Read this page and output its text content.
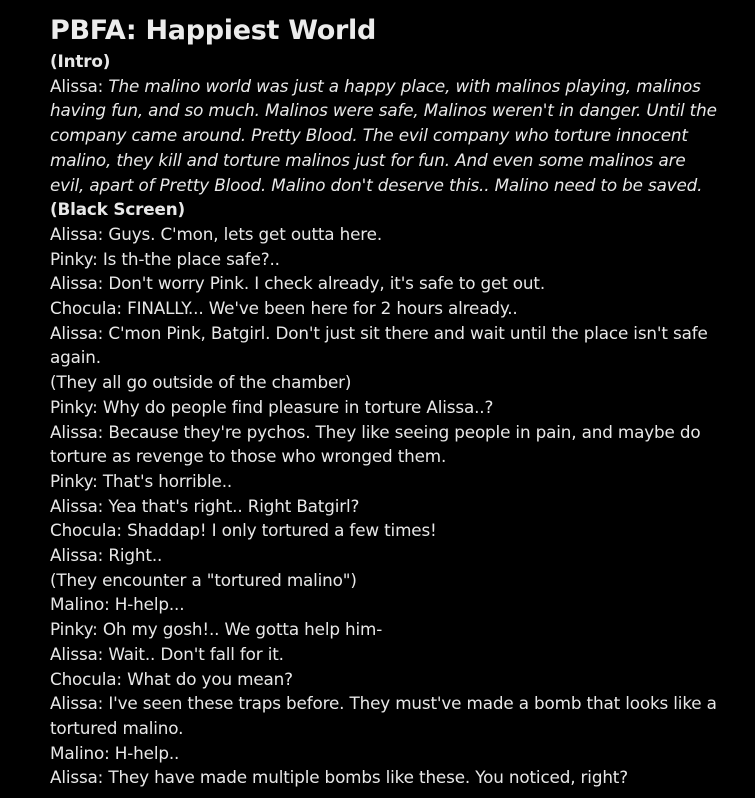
PBFA: Happiest World

(Intro)

Alissa: The malino world was just a happy place, with malinos playing, malinos having fun, and so much. Malinos were safe, Malinos weren't in danger. Until the company came around. Pretty Blood. The evil company who torture innocent malino, they kill and torture malinos just for fun. And even some malinos are evil, apart of Pretty Blood. Malino don't deserve this.. Malino need to be saved.

(Black Screen)

Alissa: Guys. C'mon, lets get outta here.

Pinky: Is th-the place safe?..

Alissa: Don't worry Pink. I check already, it's safe to get out.

Chocula: FINALLY... We've been here for 2 hours already..

Alissa: C'mon Pink, Batgirl. Don't just sit there and wait until the place isn't safe again.

(They all go outside of the chamber)

Pinky: Why do people find pleasure in torture Alissa..?

Alissa: Because they're pychos. They like seeing people in pain, and maybe do torture as revenge to those who wronged them.

Pinky: That's horrible..

Alissa: Yea that's right.. Right Batgirl?

Chocula: Shaddap! I only tortured a few times!

Alissa: Right..

(They encounter a "tortured malino")

Malino: H-help...

Pinky: Oh my gosh!.. We gotta help him-

Alissa: Wait.. Don't fall for it.

Chocula: What do you mean?

Alissa: I've seen these traps before. They must've made a bomb that looks like a tortured malino.

Malino: H-help..

Alissa: They have made multiple bombs like these. You noticed, right?
